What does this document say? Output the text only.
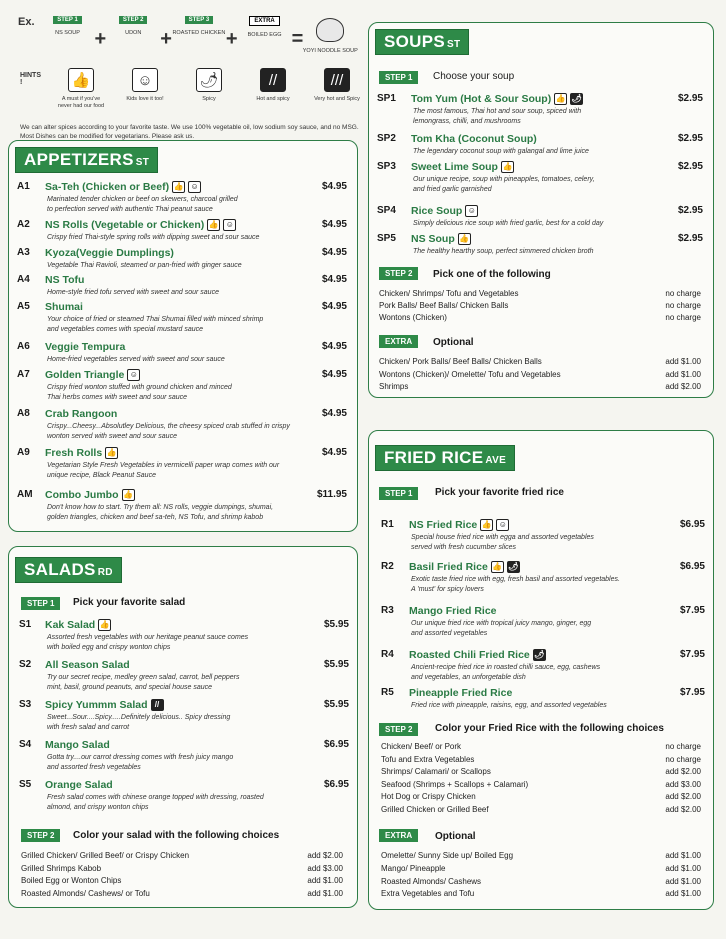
Ex.	STEP 1
NS SOUP +
STEP 2
UDON +
STEP 3
ROASTED CHICKEN +
EXTRA
BOILED EGG =
YOYI NOODLE SOUP
HINTS !	👍
A must if you've never had our food
☺
Kids love it too!
🌶
Spicy
//
Hot and spicy
///
Very hot and Spicy
We can alter spices according to your favorite taste. We use 100% vegetable oil, low sodium soy sauce, and no MSG. Most Dishes can be modified for vegetarians. Please ask us.
APPETIZERS ST
A1 Sa-Teh (Chicken or Beef) 👍 ☺	$4.95
Marinated tender chicken or beef on skewers, charcoal grilled
to perfection served with authentic Thai peanut sauce
A2 NS Rolls (Vegetable or Chicken) 👍 ☺	$4.95
Crispy fried Thai-style spring rolls with dipping sweet and sour sauce
A3 Kyoza(Veggie Dumplings)	$4.95
Vegetable Thai Ravioli, steamed or pan-fried with ginger sauce
A4 NS Tofu	$4.95
Home-style fried tofu served with sweet and sour sauce
A5 Shumai	$4.95
Your choice of fried or steamed Thai Shumai filled with minced shrimp
and vegetables comes with special mustard sauce
A6 Veggie Tempura	$4.95
Home-fried vegetables served with sweet and sour sauce
A7 Golden Triangle ☺	$4.95
Crispy fried wonton stuffed with ground chicken and minced
Thai herbs comes with sweet and sour sauce
A8 Crab Rangoon	$4.95
Crispy...Cheesy...Absolutley Delicious, the cheesy spiced crab stuffed in crispy
wonton served with sweet and sour sauce
A9 Fresh Rolls 👍	$4.95
Vegetarian Style Fresh Vegetables in vermicelli paper wrap comes with our
unique recipe, Black Peanut Sauce
AM Combo Jumbo 👍	$11.95
Don't know how to start. Try them all: NS rolls, veggie dumpings, shumai,
golden triangles, chicken and beef sa-teh, NS Tofu, and shrimp kabob
SALADS RD
STEP 1	Pick your favorite salad
S1 Kak Salad 👍	$5.95
Assorted fresh vegetables with our heritage peanut sauce comes
with boiled egg and crispy wonton chips
S2 All Season Salad	$5.95
Try our secret recipe, medley green salad, carrot, bell peppers
mint, basil, ground peanuts, and special house sauce
S3 Spicy Yummm Salad //	$5.95
Sweet...Sour....Spicy.....Definitely delicious.. Spicy dressing
with fresh salad and carrot
S4 Mango Salad	$6.95
Gotta try....our carrot dressing comes with fresh juicy mango
and assorted fresh vegetables
S5 Orange Salad	$6.95
Fresh salad comes with chinese orange topped with dressing, roasted
almond, and crispy wonton chips
STEP 2	Color your salad with the following choices
Grilled Chicken/ Grilled Beef/ or Crispy Chicken	add $2.00
Grilled Shrimps Kabob	add $3.00
Boiled Egg or Wonton Chips	add $1.00
Roasted Almonds/ Cashews/ or Tofu	add $1.00
SOUPS ST
STEP 1	Choose your soup
SP1 Tom Yum (Hot & Sour Soup) 👍 🌶	$2.95
The most famous, Thai hot and sour soup, spiced with
lemongrass, chilli, and mushrooms
SP2 Tom Kha (Coconut Soup)	$2.95
The legendary coconut soup with galangal and lime juice
SP3 Sweet Lime Soup 👍	$2.95
Our unique recipe, soup with pineapples, tomatoes, celery,
and fried garlic garnished
SP4 Rice Soup ☺	$2.95
Simply delicious rice soup with fried garlic, best for a cold day
SP5 NS Soup 👍	$2.95
The healthy hearthy soup, perfect simmered chicken broth
STEP 2	Pick one of the following
Chicken/ Shrimps/ Tofu and Vegetables	no charge
Pork Balls/ Beef Balls/ Chicken Balls	no charge
Wontons (Chicken)	no charge
EXTRA	Optional
Chicken/ Pork Balls/ Beef Balls/ Chicken Balls	add $1.00
Wontons (Chicken)/ Omelette/ Tofu and Vegetables	add $1.00
Shrimps	add $2.00
FRIED RICE AVE
STEP 1	Pick your favorite fried rice
R1 NS Fried Rice 👍 ☺	$6.95
Special house fried rice with egga and assorted vegetables
served with fresh cucumber slices
R2 Basil Fried Rice 👍 🌶	$6.95
Exotic taste fried rice with egg, fresh basil and assorted vegetables.
A 'must' for spicy lovers
R3 Mango Fried Rice	$7.95
Our unique fried rice with tropical juicy mango, ginger, egg
and assorted vegetables
R4 Roasted Chili Fried Rice 🌶	$7.95
Ancient-recipe fried rice in roasted chilli sauce, egg, cashews
and vegetables, an unforgetable dish
R5 Pineapple Fried Rice	$7.95
Fried rice with pineapple, raisins, egg, and assorted vegetables
STEP 2	Color your Fried Rice with the following choices
Chicken/ Beef/ or Pork	no charge
Tofu and Extra Vegetables	no charge
Shrimps/ Calamari/ or Scallops	add $2.00
Seafood (Shrimps + Scallops + Calamari)	add $3.00
Hot Dog or Crispy Chicken	add $2.00
Grilled Chicken or Grilled Beef	add $2.00
EXTRA	Optional
Omelette/ Sunny Side up/ Boiled Egg	add $1.00
Mango/ Pineapple	add $1.00
Roasted Almonds/ Cashews	add $1.00
Extra Vegetables and Tofu	add $1.00
